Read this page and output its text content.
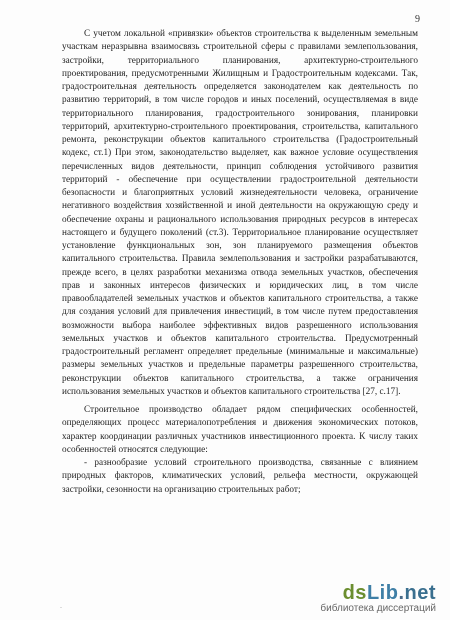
9

С учетом локальной «привязки» объектов строительства к выделенным земельным участкам неразрывна взаимосвязь строительной сферы с правилами землепользования, застройки, территориального планирования, архитектурно-строительного проектирования, предусмотренными Жилищным и Градостроительным кодексами. Так, градостроительная деятельность определяется законодателем как деятельность по развитию территорий, в том числе городов и иных поселений, осуществляемая в виде территориального планирования, градостроительного зонирования, планировки территорий, архитектурно-строительного проектирования, строительства, капитального ремонта, реконструкции объектов капитального строительства (Градостроительный кодекс, ст.1) При этом, законодательство выделяет, как важное условие осуществления перечисленных видов деятельности, принцип соблюдения устойчивого развития территорий - обеспечение при осуществлении градостроительной деятельности безопасности и благоприятных условий жизнедеятельности человека, ограничение негативного воздействия хозяйственной и иной деятельности на окружающую среду и обеспечение охраны и рационального использования природных ресурсов в интересах настоящего и будущего поколений (ст.3). Территориальное планирование осуществляет установление функциональных зон, зон планируемого размещения объектов капитального строительства. Правила землепользования и застройки разрабатываются, прежде всего, в целях разработки механизма отвода земельных участков, обеспечения прав и законных интересов физических и юридических лиц, в том числе правообладателей земельных участков и объектов капитального строительства, а также для создания условий для привлечения инвестиций, в том числе путем предоставления возможности выбора наиболее эффективных видов разрешенного использования земельных участков и объектов капитального строительства. Предусмотренный градостроительный регламент определяет предельные (минимальные и максимальные) размеры земельных участков и предельные параметры разрешенного строительства, реконструкции объектов капитального строительства, а также ограничения использования земельных участков и объектов капитального строительства [27, с.17].

Строительное производство обладает рядом специфических особенностей, определяющих процесс материалопотребления и движения экономических потоков, характер координации различных участников инвестиционного проекта. К числу таких особенностей относятся следующие:

- разнообразие условий строительного производства, связанные с влиянием природных факторов, климатических условий, рельефа местности, окружающей застройки, сезонности на организацию строительных работ;

.
dsLib.net
библиотека диссертаций
